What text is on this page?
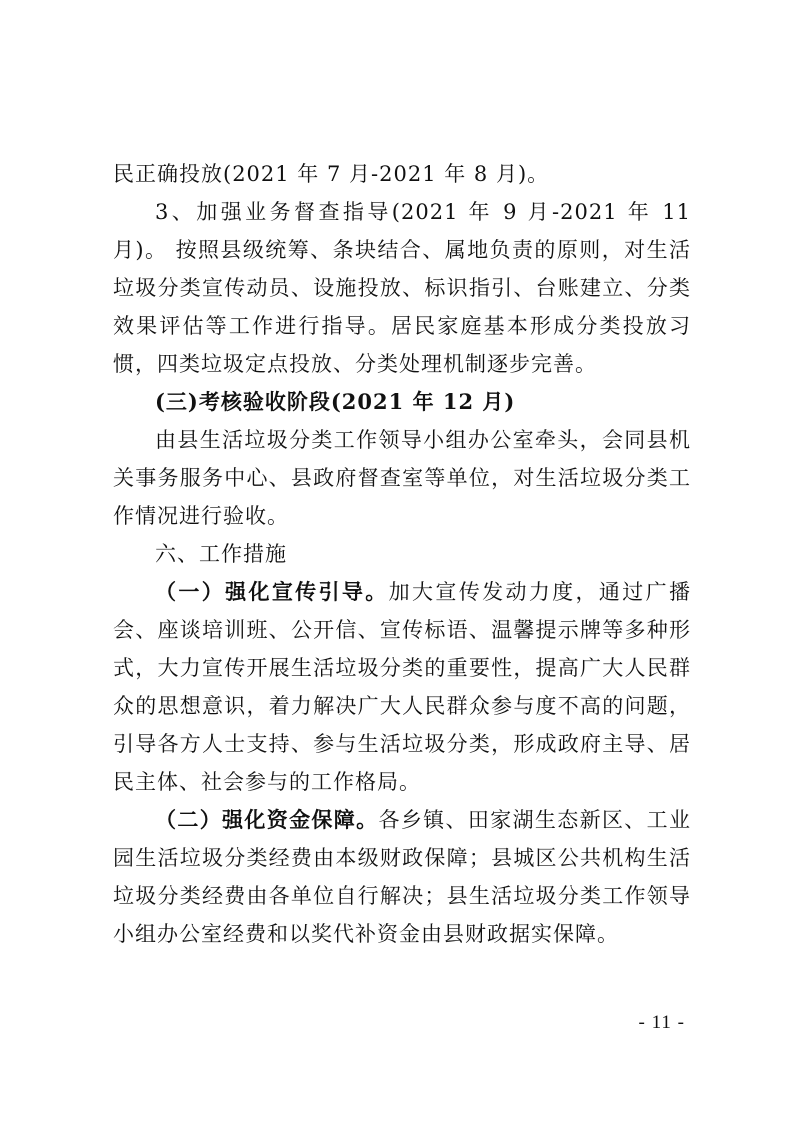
民正确投放(2021 年 7 月-2021 年 8 月)。

3、加强业务督查指导(2021 年 9 月-2021 年 11 月)。 按照县级统筹、条块结合、属地负责的原则，对生活垃圾分类宣传动员、设施投放、标识指引、台账建立、分类效果评估等工作进行指导。居民家庭基本形成分类投放习惯，四类垃圾定点投放、分类处理机制逐步完善。

(三)考核验收阶段(2021 年 12 月)

由县生活垃圾分类工作领导小组办公室牵头，会同县机关事务服务中心、县政府督查室等单位，对生活垃圾分类工作情况进行验收。

六、工作措施

（一）强化宣传引导。加大宣传发动力度，通过广播会、座谈培训班、公开信、宣传标语、温馨提示牌等多种形式，大力宣传开展生活垃圾分类的重要性，提高广大人民群众的思想意识，着力解决广大人民群众参与度不高的问题，引导各方人士支持、参与生活垃圾分类，形成政府主导、居民主体、社会参与的工作格局。

（二）强化资金保障。各乡镇、田家湖生态新区、工业园生活垃圾分类经费由本级财政保障；县城区公共机构生活垃圾分类经费由各单位自行解决；县生活垃圾分类工作领导小组办公室经费和以奖代补资金由县财政据实保障。

- 11 -
